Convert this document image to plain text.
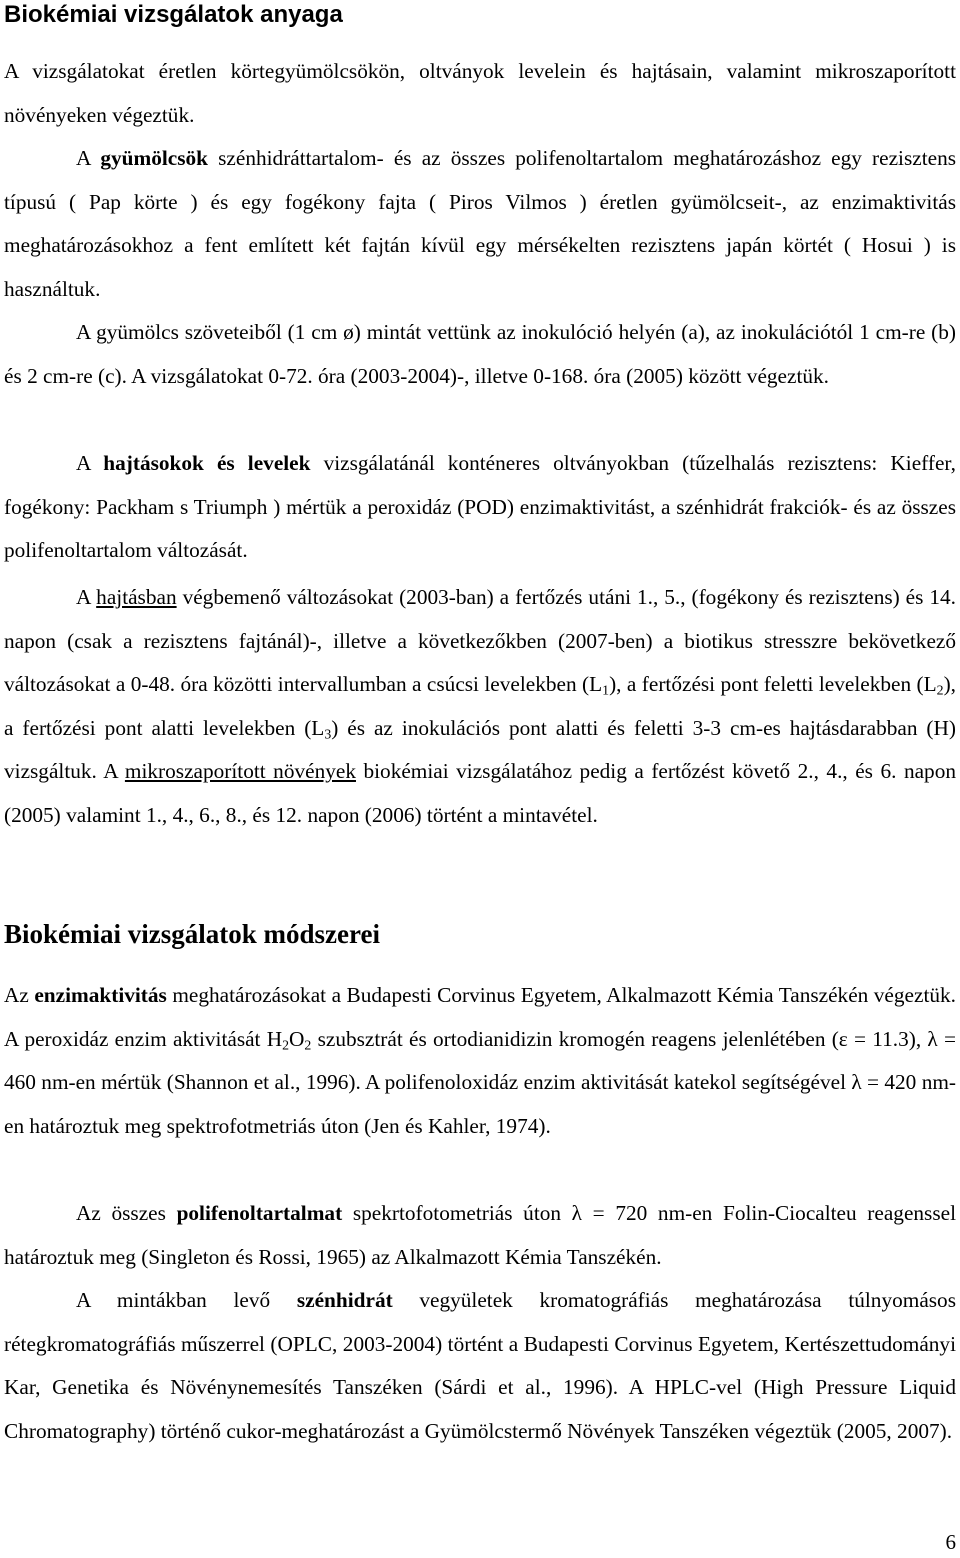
Biokémiai vizsgálatok anyaga

A vizsgálatokat éretlen körtegyümölcsökön, oltványok levelein és hajtásain, valamint mikroszaporított növényeken végeztük.

A gyümölcsök szénhidráttartalom- és az összes polifenoltartalom meghatározáshoz egy rezisztens típusú ( Pap körte ) és egy fogékony fajta ( Piros Vilmos ) éretlen gyümölcseit-, az enzimaktivitás meghatározásokhoz a fent említett két fajtán kívül egy mérsékelten rezisztens japán körtét ( Hosui ) is használtuk.

A gyümölcs szöveteiből (1 cm ø) mintát vettünk az inokulóció helyén (a), az inokulációtól 1 cm-re (b) és 2 cm-re (c). A vizsgálatokat 0-72. óra (2003-2004)-, illetve 0-168. óra (2005) között végeztük.

A hajtásokok és levelek vizsgálatánál konténeres oltványokban (tűzelhalás rezisztens: Kieffer, fogékony: Packham s Triumph ) mértük a peroxidáz (POD) enzimaktivitást, a szénhidrát frakciók- és az összes polifenoltartalom változását.

A hajtásban végbemenő változásokat (2003-ban) a fertőzés utáni 1., 5., (fogékony és rezisztens) és 14. napon (csak a rezisztens fajtánál)-, illetve a következőkben (2007-ben) a biotikus stresszre bekövetkező változásokat a 0-48. óra közötti intervallumban a csúcsi levelekben $(L_1)$, a fertőzési pont feletti levelekben $(L_2)$, a fertőzési pont alatti levelekben $(L_3)$ és az inokulációs pont alatti és feletti 3-3 cm-es hajtásdarabban (H) vizsgáltuk. A mikroszaporított növények biokémiai vizsgálatához pedig a fertőzést követő 2., 4., és 6. napon (2005) valamint 1., 4., 6., 8., és 12. napon (2006) történt a mintavétel.

Biokémiai vizsgálatok módszerei

Az enzimaktivitás meghatározásokat a Budapesti Corvinus Egyetem, Alkalmazott Kémia Tanszékén végeztük. A peroxidáz enzim aktivitását $H_2O_2$ szubsztrát és ortodianidizin kromogén reagens jelenlétében (ε = 11.3), λ = 460 nm-en mértük (Shannon et al., 1996). A polifenoloxidáz enzim aktivitását katekol segítségével λ = 420 nm-en határoztuk meg spektrofotmetriás úton (Jen és Kahler, 1974).

Az összes polifenoltartalmat spekrtofotometriás úton λ = 720 nm-en Folin-Ciocalteu reagenssel határoztuk meg (Singleton és Rossi, 1965) az Alkalmazott Kémia Tanszékén.

A mintákban levő szénhidrát vegyületek kromatográfiás meghatározása túlnyomásos rétegkromatográfiás műszerrel (OPLC, 2003-2004) történt a Budapesti Corvinus Egyetem, Kertészettudományi Kar, Genetika és Növénynemesítés Tanszéken (Sárdi et al., 1996). A HPLC-vel (High Pressure Liquid Chromatography) történő cukor-meghatározást a Gyümölcstermő Növények Tanszéken végeztük (2005, 2007).

6
